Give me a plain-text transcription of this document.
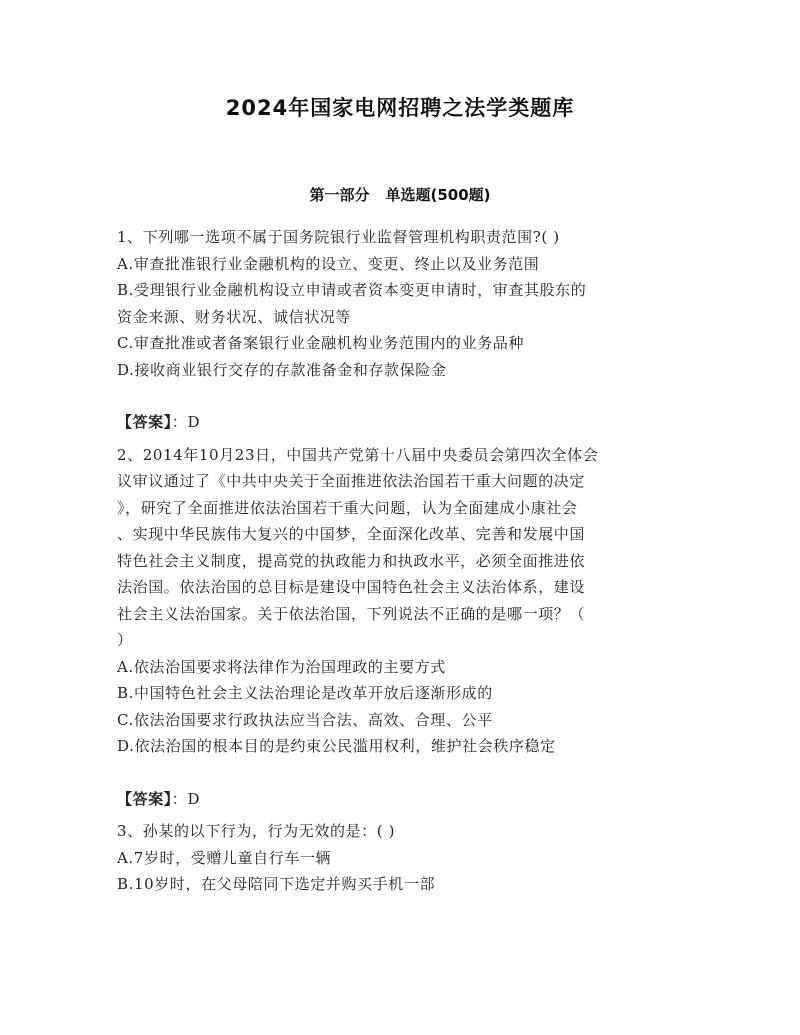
2024年国家电网招聘之法学类题库
第一部分 单选题(500题)
1、下列哪一选项不属于国务院银行业监督管理机构职责范围?( )
A.审查批准银行业金融机构的设立、变更、终止以及业务范围
B.受理银行业金融机构设立申请或者资本变更申请时，审查其股东的
资金来源、财务状况、诚信状况等
C.审查批准或者备案银行业金融机构业务范围内的业务品种
D.接收商业银行交存的存款准备金和存款保险金
【答案】：D
2、2014年10月23日，中国共产党第十八届中央委员会第四次全体会
议审议通过了《中共中央关于全面推进依法治国若干重大问题的决定
》，研究了全面推进依法治国若干重大问题，认为全面建成小康社会
、实现中华民族伟大复兴的中国梦，全面深化改革、完善和发展中国
特色社会主义制度，提高党的执政能力和执政水平，必须全面推进依
法治国。依法治国的总目标是建设中国特色社会主义法治体系，建设
社会主义法治国家。关于依法治国，下列说法不正确的是哪一项？（
）
A.依法治国要求将法律作为治国理政的主要方式
B.中国特色社会主义法治理论是改革开放后逐渐形成的
C.依法治国要求行政执法应当合法、高效、合理、公平
D.依法治国的根本目的是约束公民滥用权利，维护社会秩序稳定
【答案】：D
3、孙某的以下行为，行为无效的是：( )
A.7岁时，受赠儿童自行车一辆
B.10岁时，在父母陪同下选定并购买手机一部
